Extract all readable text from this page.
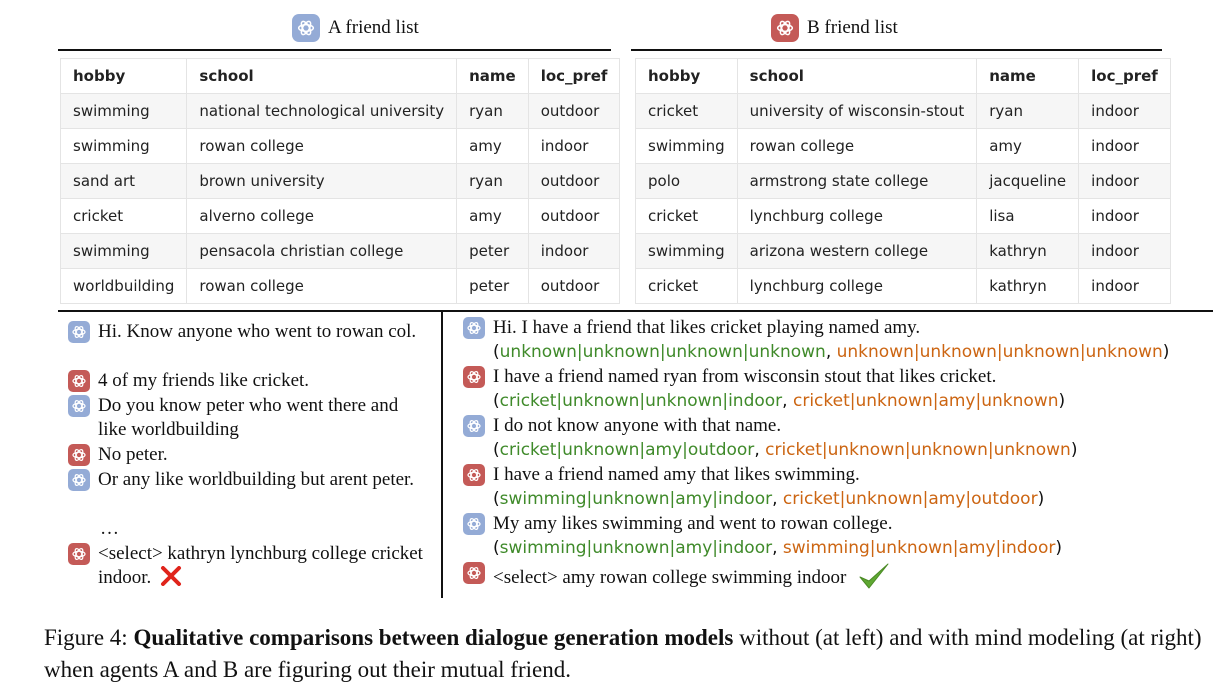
A friend list	B friend list
hobby	school	name	loc_pref
swimming	national technological university	ryan	outdoor
swimming	rowan college	amy	indoor
sand art	brown university	ryan	outdoor
cricket	alverno college	amy	outdoor
swimming	pensacola christian college	peter	indoor
worldbuilding	rowan college	peter	outdoor
hobby	school	name	loc_pref
cricket	university of wisconsin-stout	ryan	indoor
swimming	rowan college	amy	indoor
polo	armstrong state college	jacqueline	indoor
cricket	lynchburg college	lisa	indoor
swimming	arizona western college	kathryn	indoor
cricket	lynchburg college	kathryn	indoor
Hi. Know anyone who went to rowan col.
4 of my friends like cricket.
Do you know peter who went there and like worldbuilding
No peter.
Or any like worldbuilding but arent peter.
…
<select> kathryn lynchburg college cricket indoor.
Hi. I have a friend that likes cricket playing named amy.
(unknown|unknown|unknown|unknown, unknown|unknown|unknown|unknown)
I have a friend named ryan from wisconsin stout that likes cricket.
(cricket|unknown|unknown|indoor, cricket|unknown|amy|unknown)
I do not know anyone with that name.
(cricket|unknown|amy|outdoor, cricket|unknown|unknown|unknown)
I have a friend named amy that likes swimming.
(swimming|unknown|amy|indoor, cricket|unknown|amy|outdoor)
My amy likes swimming and went to rowan college.
(swimming|unknown|amy|indoor, swimming|unknown|amy|indoor)
<select> amy rowan college swimming indoor
Figure 4: Qualitative comparisons between dialogue generation models without (at left) and with mind modeling (at right) when agents A and B are figuring out their mutual friend.
